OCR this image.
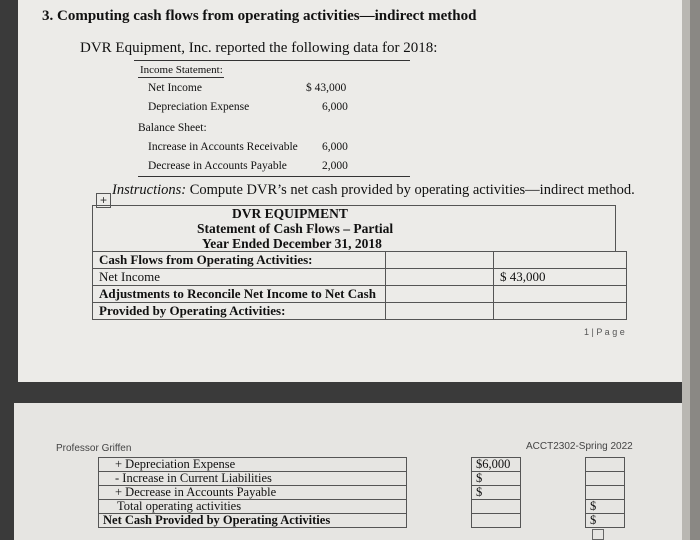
3. Computing cash flows from operating activities—indirect method
DVR Equipment, Inc. reported the following data for 2018:
Income Statement:
Net Income	$ 43,000
Depreciation Expense	6,000
Balance Sheet:
Increase in Accounts Receivable 6,000
Decrease in Accounts Payable	2,000
+
Instructions: Compute DVR’s net cash provided by operating activities—indirect method.
DVR EQUIPMENT
Statement of Cash Flows – Partial
Year Ended December 31, 2018
Cash Flows from Operating Activities:		
Net Income		$ 43,000
Adjustments to Reconcile Net Income to Net Cash		
Provided by Operating Activities:		
1 | P a g e
Professor Griffen	ACCT2302-Spring 2022
+ Depreciation Expense		$6,000		
- Increase in Current Liabilities		$		
+ Decrease in Accounts Payable		$		
Total operating activities				$
Net Cash Provided by Operating Activities				$
